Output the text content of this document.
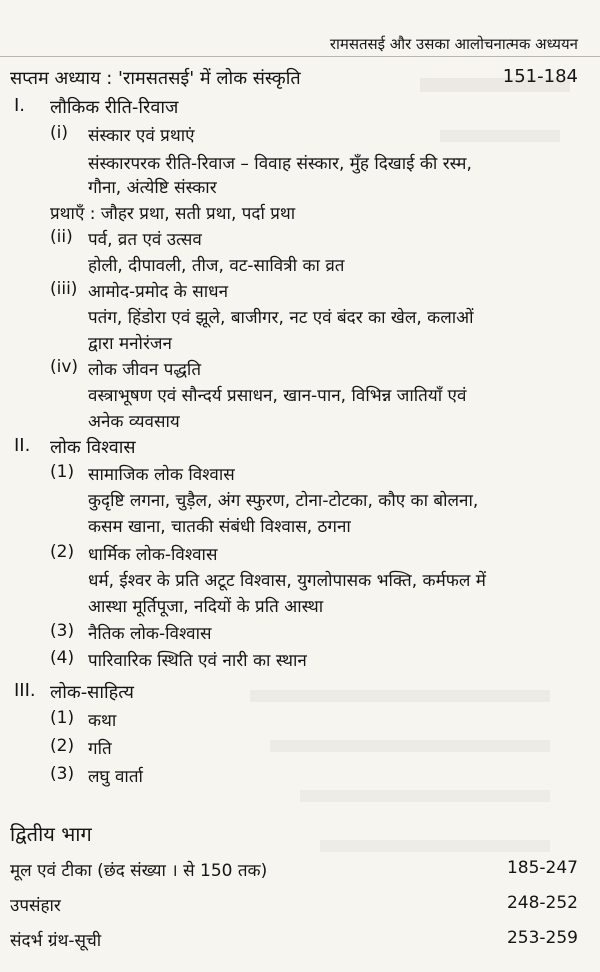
रामसतसई और उसका आलोचनात्मक अध्ययन
सप्तम अध्याय : 'रामसतसई' में लोक संस्कृति	151-184
I. लौकिक रीति-रिवाज
(i) संस्कार एवं प्रथाएं
संस्कारपरक रीति-रिवाज – विवाह संस्कार, मुँह दिखाई की रस्म,
गौना, अंत्येष्टि संस्कार
प्रथाएँ : जौहर प्रथा, सती प्रथा, पर्दा प्रथा
(ii) पर्व, व्रत एवं उत्सव
होली, दीपावली, तीज, वट-सावित्री का व्रत
(iii) आमोद-प्रमोद के साधन
पतंग, हिंडोरा एवं झूले, बाजीगर, नट एवं बंदर का खेल, कलाओं
द्वारा मनोरंजन
(iv) लोक जीवन पद्धति
वस्त्राभूषण एवं सौन्दर्य प्रसाधन, खान-पान, विभिन्न जातियाँ एवं
अनेक व्यवसाय
II. लोक विश्वास
(1) सामाजिक लोक विश्वास
कुदृष्टि लगना, चुड़ैल, अंग स्फुरण, टोना-टोटका, कौए का बोलना,
कसम खाना, चातकी संबंधी विश्वास, ठगना
(2) धार्मिक लोक-विश्वास
धर्म, ईश्वर के प्रति अटूट विश्वास, युगलोपासक भक्ति, कर्मफल में
आस्था मूर्तिपूजा, नदियों के प्रति आस्था
(3) नैतिक लोक-विश्वास
(4) पारिवारिक स्थिति एवं नारी का स्थान
III. लोक-साहित्य
(1) कथा
(2) गति
(3) लघु वार्ता
द्वितीय भाग
मूल एवं टीका (छंद संख्या । से 150 तक)	185-247
उपसंहार	248-252
संदर्भ ग्रंथ-सूची	253-259
